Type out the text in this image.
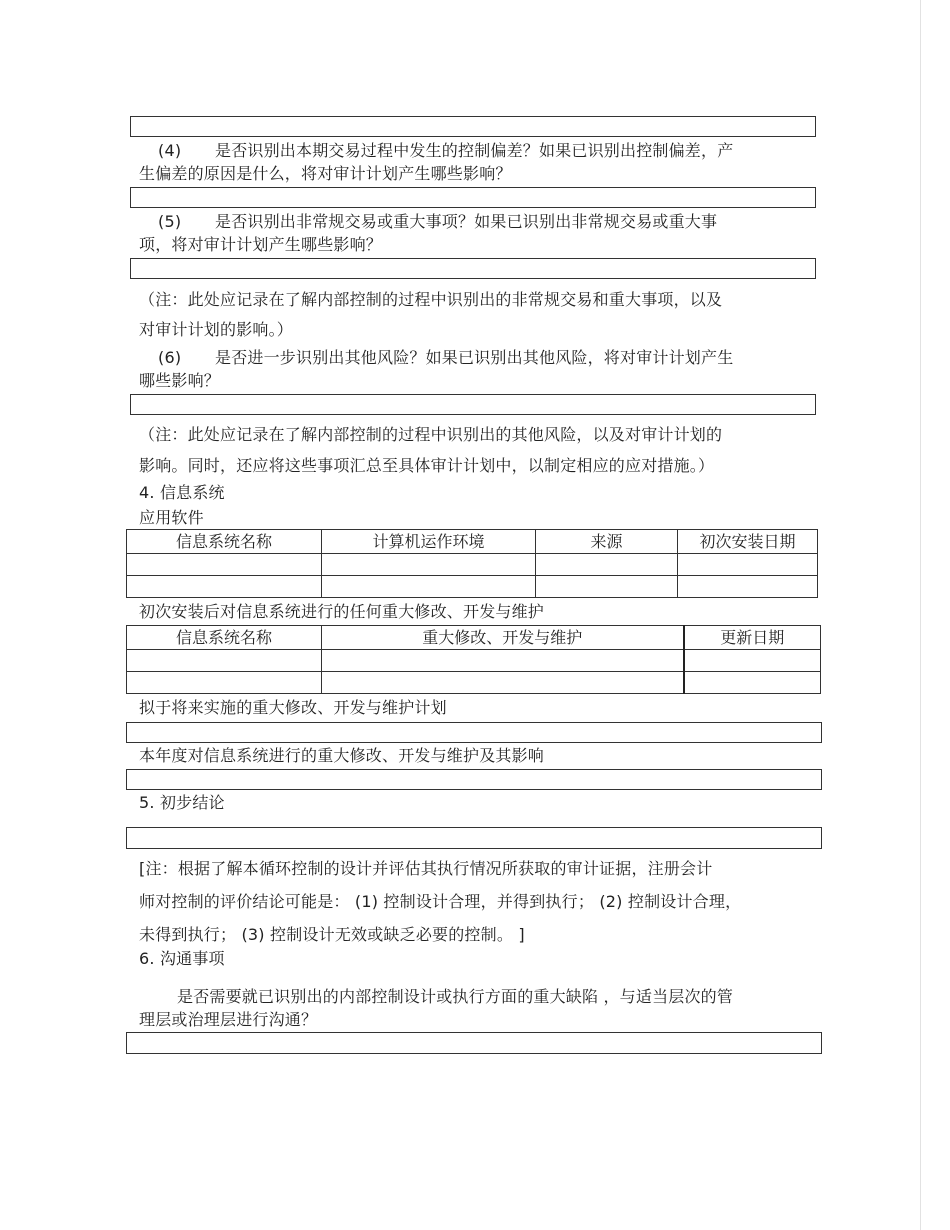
(4) 是否识别出本期交易过程中发生的控制偏差？如果已识别出控制偏差，产
生偏差的原因是什么，将对审计计划产生哪些影响？
(5) 是否识别出非常规交易或重大事项？如果已识别出非常规交易或重大事
项，将对审计计划产生哪些影响？
（注：此处应记录在了解内部控制的过程中识别出的非常规交易和重大事项，以及
对审计计划的影响。）
(6) 是否进一步识别出其他风险？如果已识别出其他风险，将对审计计划产生
哪些影响？
（注：此处应记录在了解内部控制的过程中识别出的其他风险，以及对审计计划的
影响。同时，还应将这些事项汇总至具体审计计划中，以制定相应的应对措施。）
4. 信息系统
应用软件
信息系统名称	计算机运作环境	来源	初次安装日期

初次安装后对信息系统进行的任何重大修改、开发与维护
信息系统名称	重大修改、开发与维护	更新日期

拟于将来实施的重大修改、开发与维护计划
本年度对信息系统进行的重大修改、开发与维护及其影响
5. 初步结论
[注：根据了解本循环控制的设计并评估其执行情况所获取的审计证据，注册会计
师对控制的评价结论可能是： (1) 控制设计合理，并得到执行； (2) 控制设计合理，
未得到执行； (3) 控制设计无效或缺乏必要的控制。 ]
6. 沟通事项
是否需要就已识别出的内部控制设计或执行方面的重大缺陷 ，与适当层次的管
理层或治理层进行沟通？
